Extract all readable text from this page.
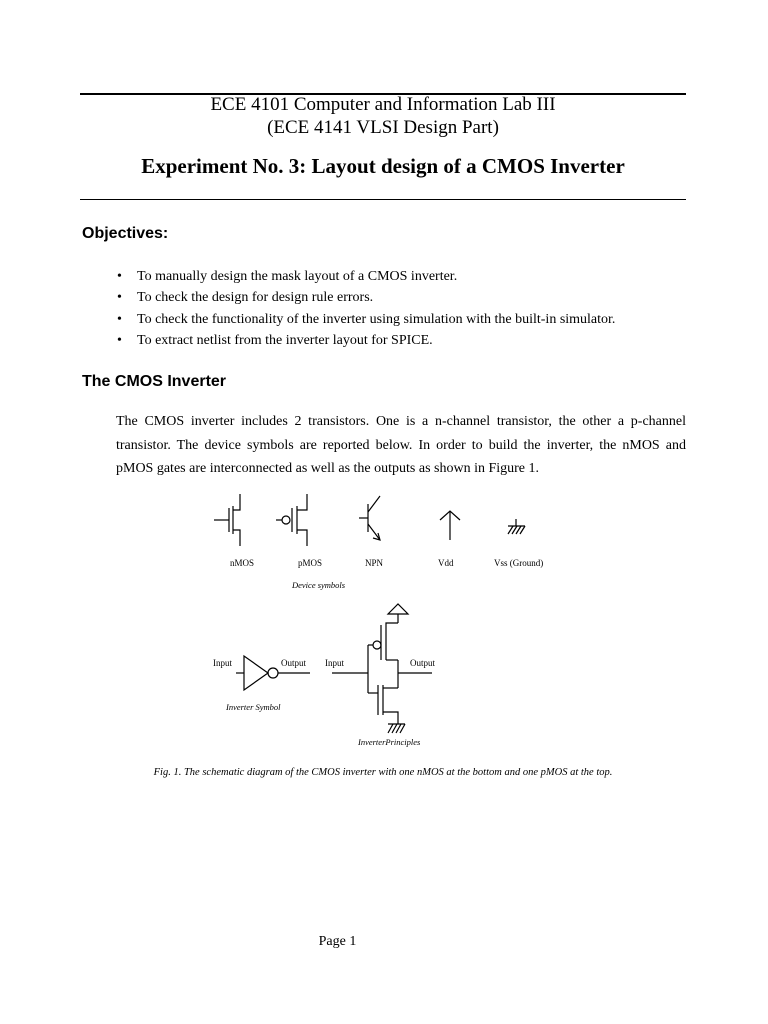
ECE 4101 Computer and Information Lab III
(ECE 4141 VLSI Design Part)
Experiment No. 3: Layout design of a CMOS Inverter
Objectives:
• To manually design the mask layout of a CMOS inverter.
• To check the design for design rule errors.
• To check the functionality of the inverter using simulation with the built-in simulator.
• To extract netlist from the inverter layout for SPICE.
The CMOS Inverter

The CMOS inverter includes 2 transistors. One is a n-channel transistor, the other a p-channel transistor. The device symbols are reported below. In order to build the inverter, the nMOS and pMOS gates are interconnected as well as the outputs as shown in Figure 1.

nMOS	pMOS	NPN	Vdd	Vss (Ground)
Device symbols
Input	Output
Inverter Symbol
Input	Output
InverterPrinciples
Fig. 1. The schematic diagram of the CMOS inverter with one nMOS at the bottom and one pMOS at the top.
Page 1
